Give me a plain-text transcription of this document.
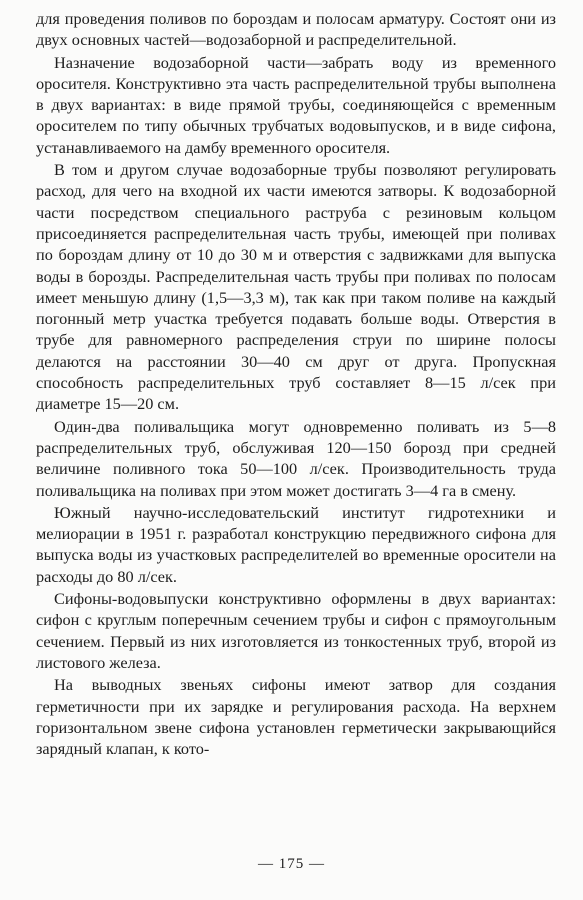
для проведения поливов по бороздам и полосам арматуру. Состоят они из двух основных частей—водозаборной и распределительной.

Назначение водозаборной части—забрать воду из временного оросителя. Конструктивно эта часть распределительной трубы выполнена в двух вариантах: в виде прямой трубы, соединяющейся с временным оросителем по типу обычных трубчатых водовыпусков, и в виде сифона, устанавливаемого на дамбу временного оросителя.

В том и другом случае водозаборные трубы позволяют регулировать расход, для чего на входной их части имеются затворы. К водозаборной части посредством специального раструба с резиновым кольцом присоединяется распределительная часть трубы, имеющей при поливах по бороздам длину от 10 до 30 м и отверстия с задвижками для выпуска воды в борозды. Распределительная часть трубы при поливах по полосам имеет меньшую длину (1,5—3,3 м), так как при таком поливе на каждый погонный метр участка требуется подавать больше воды. Отверстия в трубе для равномерного распределения струи по ширине полосы делаются на расстоянии 30—40 см друг от друга. Пропускная способность распределительных труб составляет 8—15 л/сек при диаметре 15—20 см.

Один-два поливальщика могут одновременно поливать из 5—8 распределительных труб, обслуживая 120—150 борозд при средней величине поливного тока 50—100 л/сек. Производительность труда поливальщика на поливах при этом может достигать 3—4 га в смену.

Южный научно-исследовательский институт гидротехники и мелиорации в 1951 г. разработал конструкцию передвижного сифона для выпуска воды из участковых распределителей во временные оросители на расходы до 80 л/сек.

Сифоны-водовыпуски конструктивно оформлены в двух вариантах: сифон с круглым поперечным сечением трубы и сифон с прямоугольным сечением. Первый из них изготовляется из тонкостенных труб, второй из листового железа.

На выводных звеньях сифоны имеют затвор для создания герметичности при их зарядке и регулирования расхода. На верхнем горизонтальном звене сифона установлен герметически закрывающийся зарядный клапан, к кото-

— 175 —
